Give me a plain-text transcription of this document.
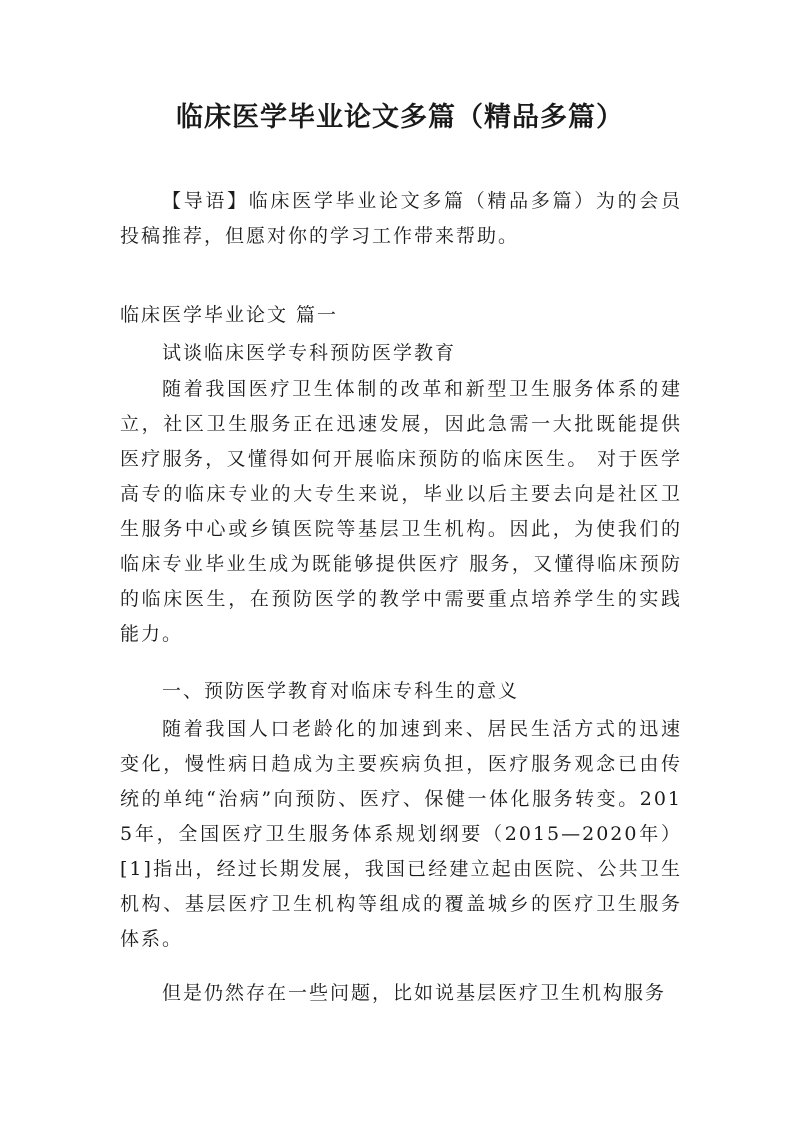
临床医学毕业论文多篇（精品多篇）

【导语】临床医学毕业论文多篇（精品多篇）为的会员投稿推荐，但愿对你的学习工作带来帮助。

临床医学毕业论文 篇一

试谈临床医学专科预防医学教育

随着我国医疗卫生体制的改革和新型卫生服务体系的建立，社区卫生服务正在迅速发展，因此急需一大批既能提供医疗服务，又懂得如何开展临床预防的临床医生。 对于医学高专的临床专业的大专生来说，毕业以后主要去向是社区卫生服务中心或乡镇医院等基层卫生机构。因此，为使我们的临床专业毕业生成为既能够提供医疗 服务，又懂得临床预防的临床医生，在预防医学的教学中需要重点培养学生的实践能力。

一、预防医学教育对临床专科生的意义

随着我国人口老龄化的加速到来、居民生活方式的迅速变化，慢性病日趋成为主要疾病负担，医疗服务观念已由传统的单纯“治病”向预防、医疗、保健一体化服务转变。2015年，全国医疗卫生服务体系规划纲要（2015—2020年）[1]指出，经过长期发展，我国已经建立起由医院、公共卫生机构、基层医疗卫生机构等组成的覆盖城乡的医疗卫生服务体系。

但是仍然存在一些问题，比如说基层医疗卫生机构服务
